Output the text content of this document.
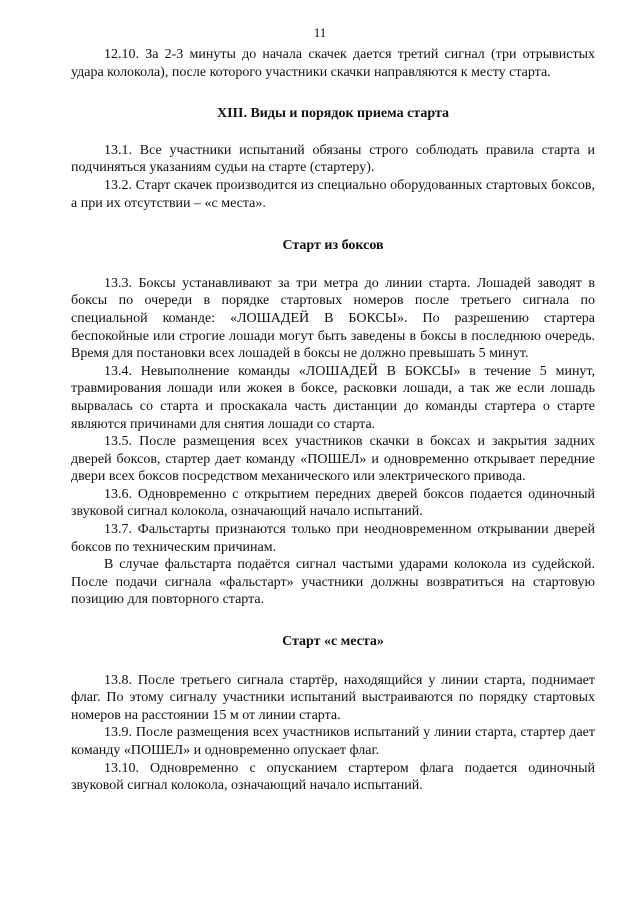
11

12.10. За 2-3 минуты до начала скачек дается третий сигнал (три отрывистых удара колокола), после которого участники скачки направляются к месту старта.

XIII. Виды и порядок приема старта

13.1. Все участники испытаний обязаны строго соблюдать правила старта и подчиняться указаниям судьи на старте (стартеру).

13.2. Старт скачек производится из специально оборудованных стартовых боксов, а при их отсутствии – «с места».

Старт из боксов

13.3. Боксы устанавливают за три метра до линии старта. Лошадей заводят в боксы по очереди в порядке стартовых номеров после третьего сигнала по специальной команде: «ЛОШАДЕЙ В БОКСЫ». По разрешению стартера беспокойные или строгие лошади могут быть заведены в боксы в последнюю очередь. Время для постановки всех лошадей в боксы не должно превышать 5 минут.

13.4. Невыполнение команды «ЛОШАДЕЙ В БОКСЫ» в течение 5 минут, травмирования лошади или жокея в боксе, расковки лошади, а так же если лошадь вырвалась со старта и проскакала часть дистанции до команды стартера о старте являются причинами для снятия лошади со старта.

13.5. После размещения всех участников скачки в боксах и закрытия задних дверей боксов, стартер дает команду «ПОШЕЛ» и одновременно открывает передние двери всех боксов посредством механического или электрического привода.

13.6. Одновременно с открытием передних дверей боксов подается одиночный звуковой сигнал колокола, означающий начало испытаний.

13.7. Фальстарты признаются только при неодновременном открывании дверей боксов по техническим причинам.

В случае фальстарта подаётся сигнал частыми ударами колокола из судейской. После подачи сигнала «фальстарт» участники должны возвратиться на стартовую позицию для повторного старта.

Старт «с места»

13.8. После третьего сигнала стартёр, находящийся у линии старта, поднимает флаг. По этому сигналу участники испытаний выстраиваются по порядку стартовых номеров на расстоянии 15 м от линии старта.

13.9. После размещения всех участников испытаний у линии старта, стартер дает команду «ПОШЕЛ» и одновременно опускает флаг.

13.10. Одновременно с опусканием стартером флага подается одиночный звуковой сигнал колокола, означающий начало испытаний.
